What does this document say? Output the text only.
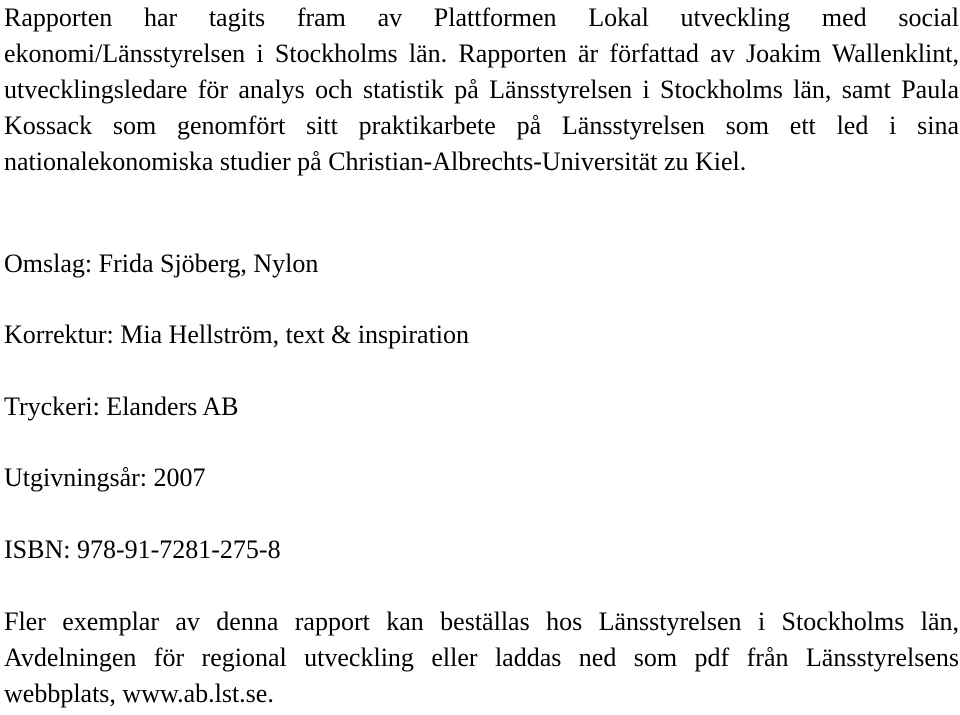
Rapporten har tagits fram av Plattformen Lokal utveckling med social ekonomi/Länsstyrelsen i Stockholms län. Rapporten är författad av Joakim Wallenklint, utvecklingsledare för analys och statistik på Länsstyrelsen i Stockholms län, samt Paula Kossack som genomfört sitt praktikarbete på Länsstyrelsen som ett led i sina nationalekonomiska studier på Christian-Albrechts-Universität zu Kiel.

Omslag: Frida Sjöberg, Nylon

Korrektur: Mia Hellström, text & inspiration

Tryckeri: Elanders AB

Utgivningsår: 2007

ISBN: 978-91-7281-275-8

Fler exemplar av denna rapport kan beställas hos Länsstyrelsen i Stockholms län, Avdelningen för regional utveckling eller laddas ned som pdf från Länsstyrelsens webbplats, www.ab.lst.se.
